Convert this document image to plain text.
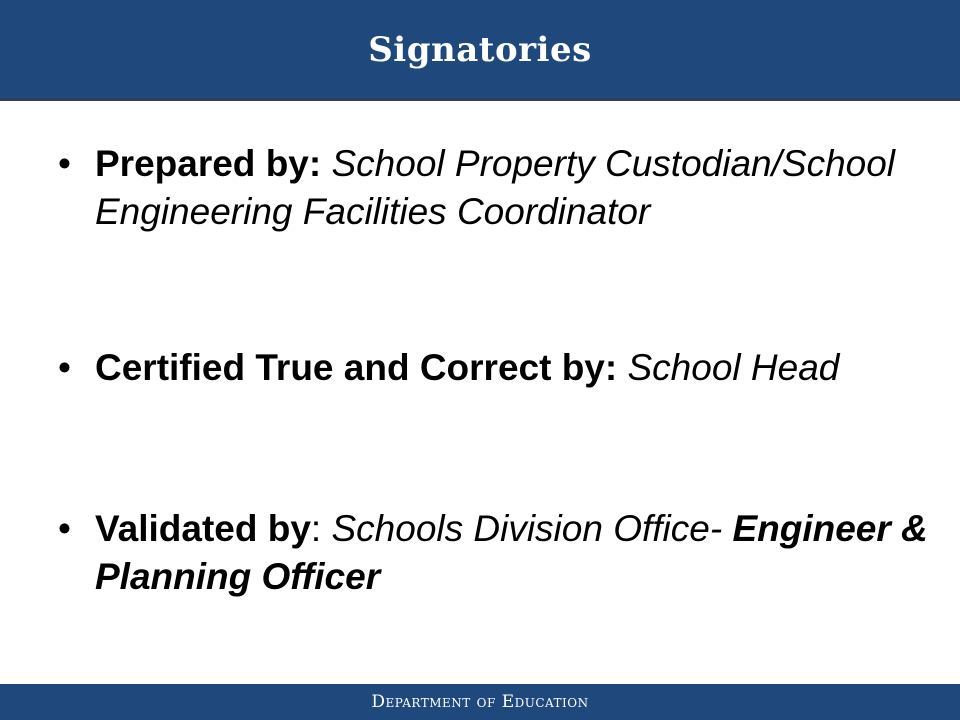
Signatories
• Prepared by: School Property Custodian/School Engineering Facilities Coordinator
• Certified True and Correct by: School Head
• Validated by: Schools Division Office- Engineer & Planning Officer
Department of Education
